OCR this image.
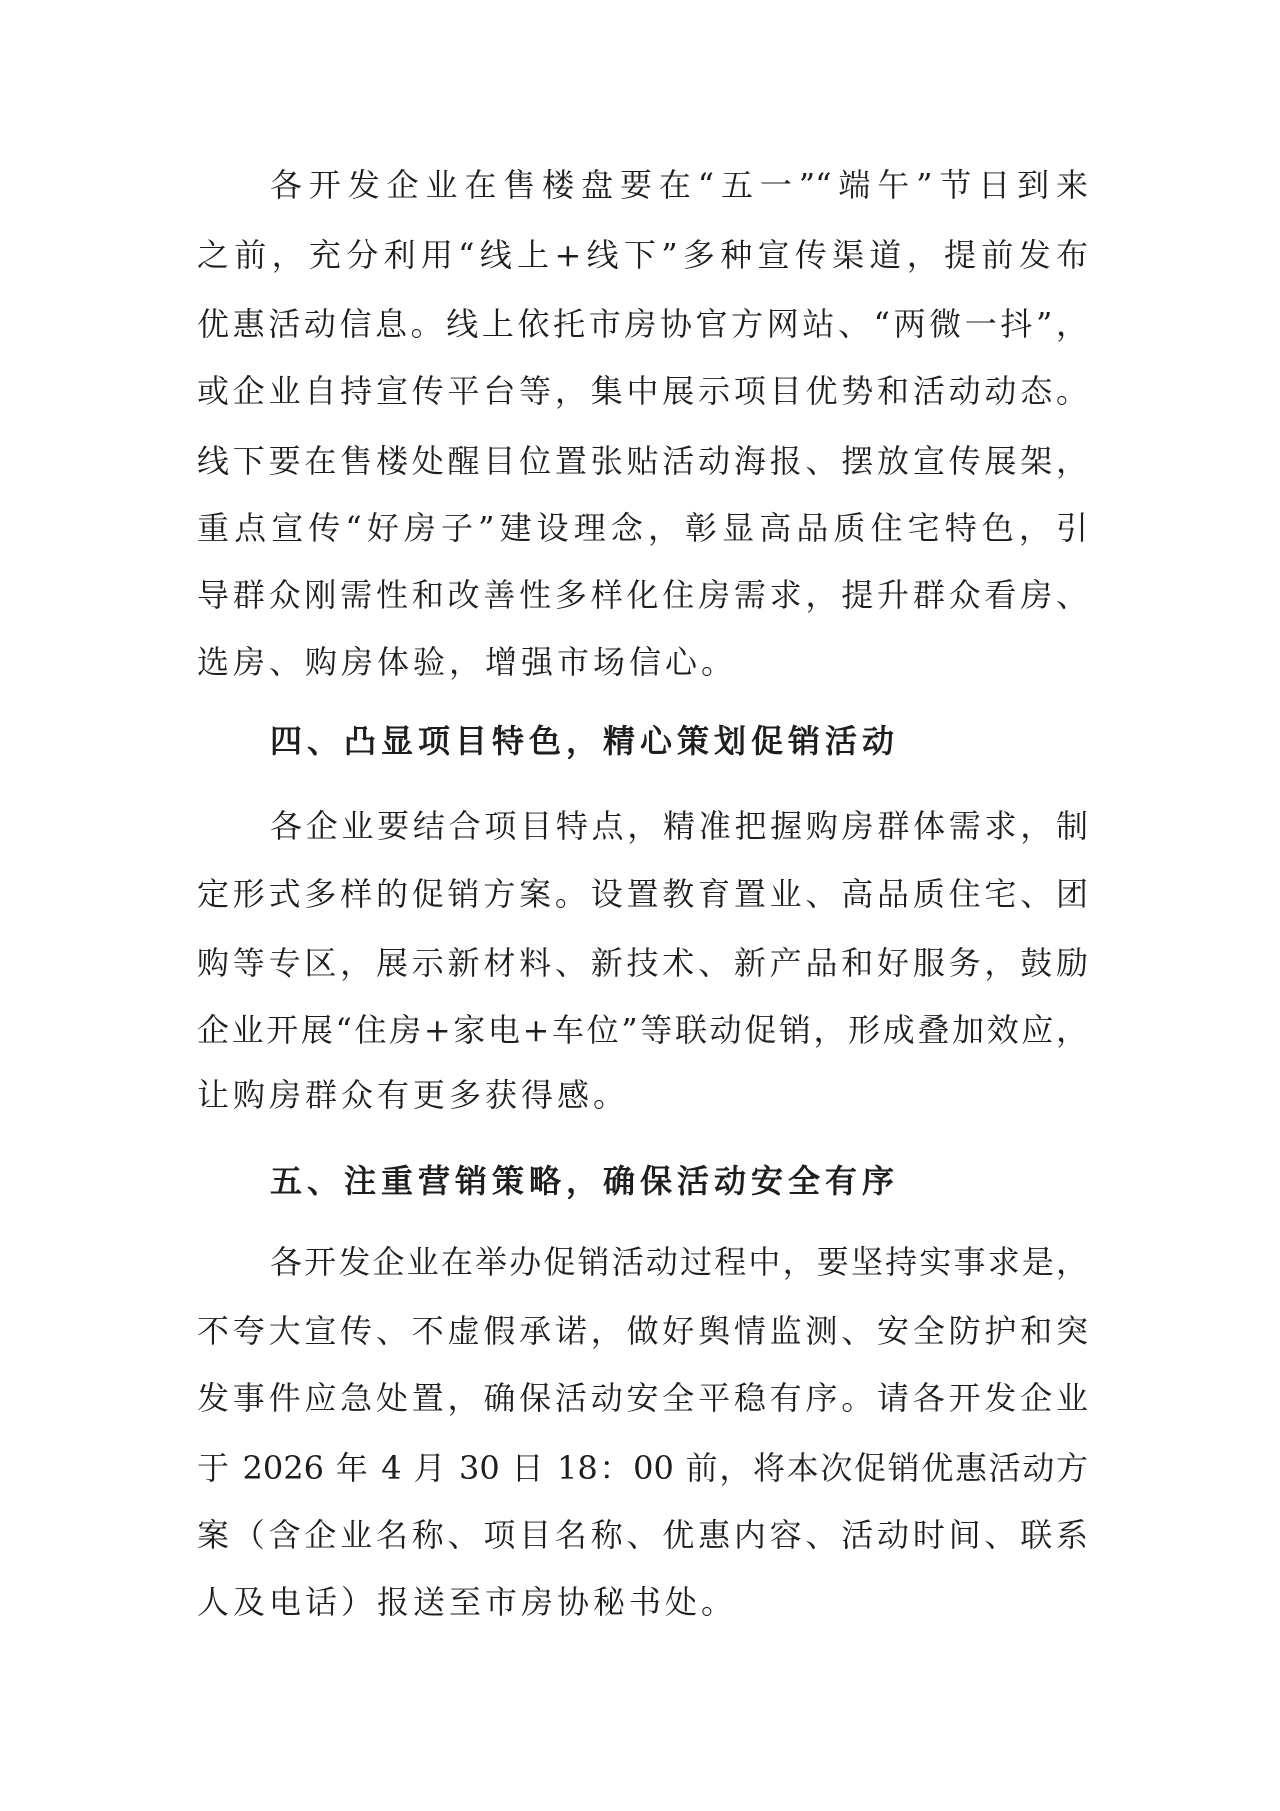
各开发企业在售楼盘要在“五一”“端午”节日到来
之前，充分利用“线上+线下”多种宣传渠道，提前发布
优惠活动信息。线上依托市房协官方网站、“两微一抖”，
或企业自持宣传平台等，集中展示项目优势和活动动态。
线下要在售楼处醒目位置张贴活动海报、摆放宣传展架，
重点宣传“好房子”建设理念，彰显高品质住宅特色，引
导群众刚需性和改善性多样化住房需求，提升群众看房、
选房、购房体验，增强市场信心。
四、凸显项目特色，精心策划促销活动
各企业要结合项目特点，精准把握购房群体需求，制
定形式多样的促销方案。设置教育置业、高品质住宅、团
购等专区，展示新材料、新技术、新产品和好服务，鼓励
企业开展“住房+家电+车位”等联动促销，形成叠加效应，
让购房群众有更多获得感。
五、注重营销策略，确保活动安全有序
各开发企业在举办促销活动过程中，要坚持实事求是，
不夸大宣传、不虚假承诺，做好舆情监测、安全防护和突
发事件应急处置，确保活动安全平稳有序。请各开发企业
于 2026 年 4 月 30 日 18：00 前，将本次促销优惠活动方
案（含企业名称、项目名称、优惠内容、活动时间、联系
人及电话）报送至市房协秘书处。
